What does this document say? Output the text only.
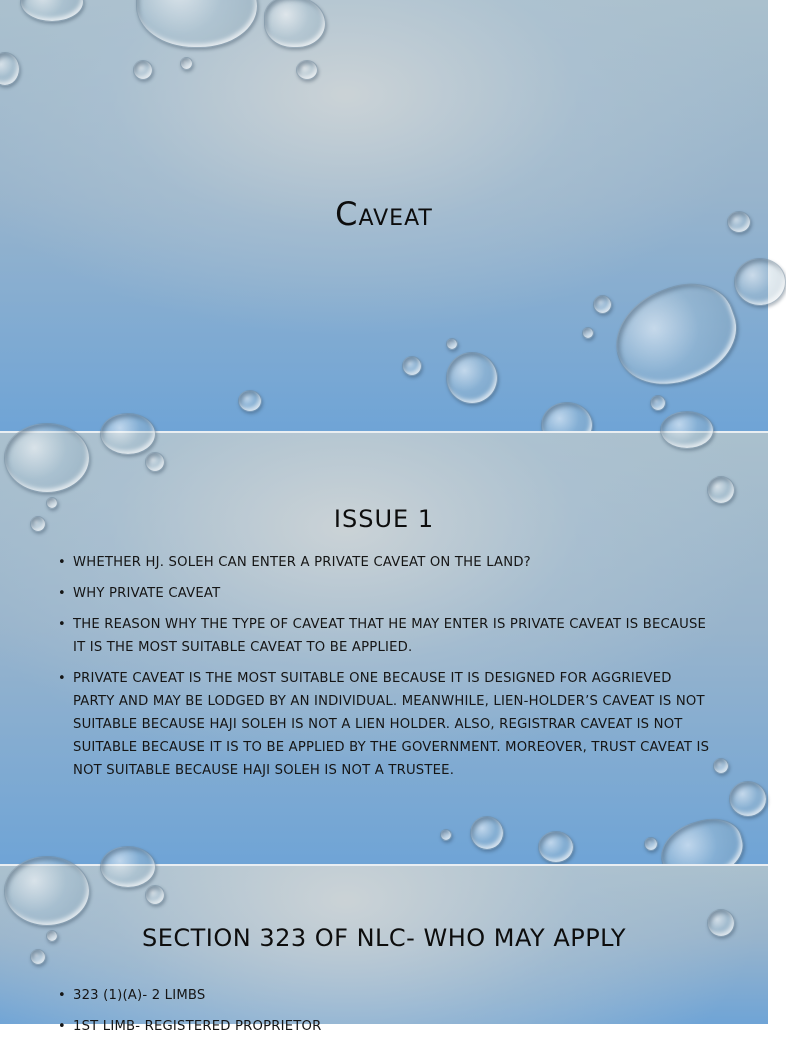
Caveat
ISSUE 1
• WHETHER HJ. SOLEH CAN ENTER A PRIVATE CAVEAT ON THE LAND?
• WHY PRIVATE CAVEAT
• THE REASON WHY THE TYPE OF CAVEAT THAT HE MAY ENTER IS PRIVATE CAVEAT IS BECAUSE IT IS THE MOST SUITABLE CAVEAT TO BE APPLIED.
• PRIVATE CAVEAT IS THE MOST SUITABLE ONE BECAUSE IT IS DESIGNED FOR AGGRIEVED PARTY AND MAY BE LODGED BY AN INDIVIDUAL. MEANWHILE, LIEN-HOLDER’S CAVEAT IS NOT SUITABLE BECAUSE HAJI SOLEH IS NOT A LIEN HOLDER. ALSO, REGISTRAR CAVEAT IS NOT SUITABLE BECAUSE IT IS TO BE APPLIED BY THE GOVERNMENT. MOREOVER, TRUST CAVEAT IS NOT SUITABLE BECAUSE HAJI SOLEH IS NOT A TRUSTEE.
SECTION 323 OF NLC- WHO MAY APPLY
• 323 (1)(A)- 2 LIMBS
• 1ST LIMB- REGISTERED PROPRIETOR
